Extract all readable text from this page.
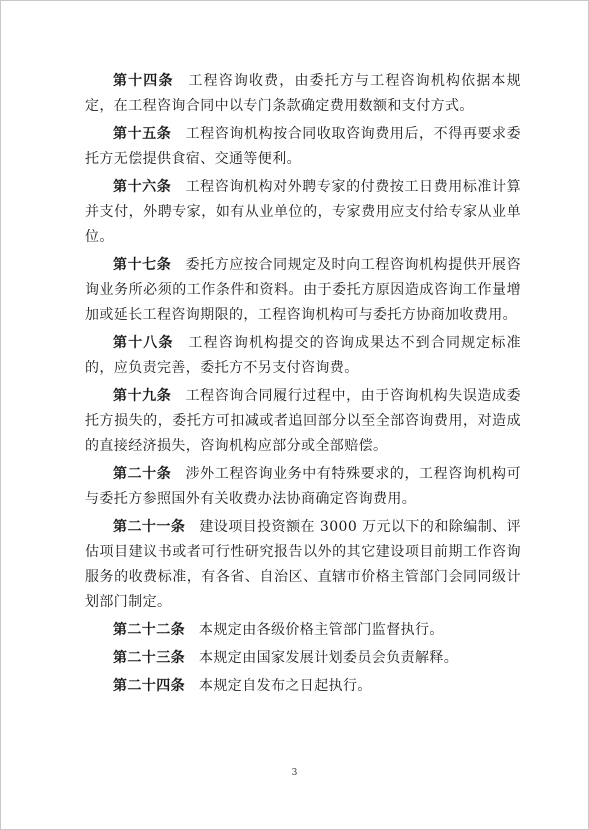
第十四条 工程咨询收费，由委托方与工程咨询机构依据本规定，在工程咨询合同中以专门条款确定费用数额和支付方式。

第十五条 工程咨询机构按合同收取咨询费用后，不得再要求委托方无偿提供食宿、交通等便利。

第十六条 工程咨询机构对外聘专家的付费按工日费用标准计算并支付，外聘专家，如有从业单位的，专家费用应支付给专家从业单位。

第十七条 委托方应按合同规定及时向工程咨询机构提供开展咨询业务所必须的工作条件和资料。由于委托方原因造成咨询工作量增加或延长工程咨询期限的，工程咨询机构可与委托方协商加收费用。

第十八条 工程咨询机构提交的咨询成果达不到合同规定标准的，应负责完善，委托方不另支付咨询费。

第十九条 工程咨询合同履行过程中，由于咨询机构失误造成委托方损失的，委托方可扣减或者追回部分以至全部咨询费用，对造成的直接经济损失，咨询机构应部分或全部赔偿。

第二十条 涉外工程咨询业务中有特殊要求的，工程咨询机构可与委托方参照国外有关收费办法协商确定咨询费用。

第二十一条 建设项目投资额在 3000 万元以下的和除编制、评估项目建议书或者可行性研究报告以外的其它建设项目前期工作咨询服务的收费标准，有各省、自治区、直辖市价格主管部门会同同级计划部门制定。

第二十二条 本规定由各级价格主管部门监督执行。

第二十三条 本规定由国家发展计划委员会负责解释。

第二十四条 本规定自发布之日起执行。

3
